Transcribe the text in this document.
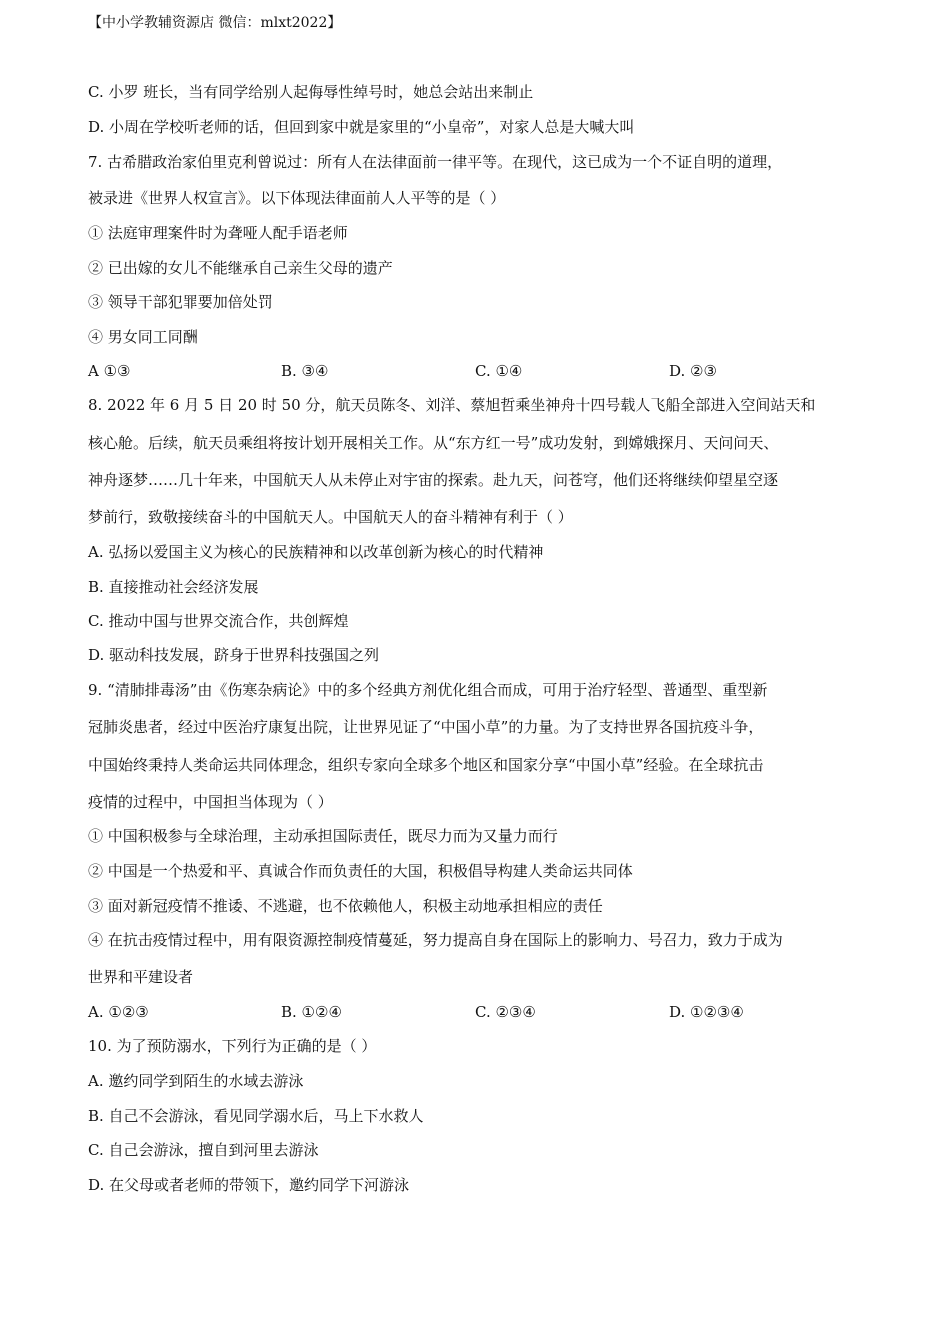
【中小学教辅资源店 微信：mlxt2022】
C. 小罗 班长，当有同学给别人起侮辱性绰号时，她总会站出来制止
D. 小周在学校听老师的话，但回到家中就是家里的“小皇帝”，对家人总是大喊大叫
7. 古希腊政治家伯里克利曾说过：所有人在法律面前一律平等。在现代，这已成为一个不证自明的道理，
被录进《世界人权宣言》。以下体现法律面前人人平等的是（ ）
① 法庭审理案件时为聋哑人配手语老师
② 已出嫁的女儿不能继承自己亲生父母的遗产
③ 领导干部犯罪要加倍处罚
④ 男女同工同酬
A ①③	B. ③④	C. ①④	D. ②③
8. 2022 年 6 月 5 日 20 时 50 分，航天员陈冬、刘洋、蔡旭哲乘坐神舟十四号载人飞船全部进入空间站天和
核心舱。后续，航天员乘组将按计划开展相关工作。从“东方红一号”成功发射，到嫦娥探月、天问问天、
神舟逐梦……几十年来，中国航天人从未停止对宇宙的探索。赴九天，问苍穹，他们还将继续仰望星空逐
梦前行，致敬接续奋斗的中国航天人。中国航天人的奋斗精神有利于（ ）
A. 弘扬以爱国主义为核心的民族精神和以改革创新为核心的时代精神
B. 直接推动社会经济发展
C. 推动中国与世界交流合作，共创辉煌
D. 驱动科技发展，跻身于世界科技强国之列
9. “清肺排毒汤”由《伤寒杂病论》中的多个经典方剂优化组合而成，可用于治疗轻型、普通型、重型新
冠肺炎患者，经过中医治疗康复出院，让世界见证了“中国小草”的力量。为了支持世界各国抗疫斗争，
中国始终秉持人类命运共同体理念，组织专家向全球多个地区和国家分享“中国小草”经验。在全球抗击
疫情的过程中，中国担当体现为（ ）
① 中国积极参与全球治理，主动承担国际责任，既尽力而为又量力而行
② 中国是一个热爱和平、真诚合作而负责任的大国，积极倡导构建人类命运共同体
③ 面对新冠疫情不推诿、不逃避，也不依赖他人，积极主动地承担相应的责任
④ 在抗击疫情过程中，用有限资源控制疫情蔓延，努力提高自身在国际上的影响力、号召力，致力于成为
世界和平建设者
A. ①②③	B. ①②④	C. ②③④	D. ①②③④
10. 为了预防溺水，下列行为正确的是（ ）
A. 邀约同学到陌生的水域去游泳
B. 自己不会游泳，看见同学溺水后，马上下水救人
C. 自己会游泳，擅自到河里去游泳
D. 在父母或者老师的带领下，邀约同学下河游泳
